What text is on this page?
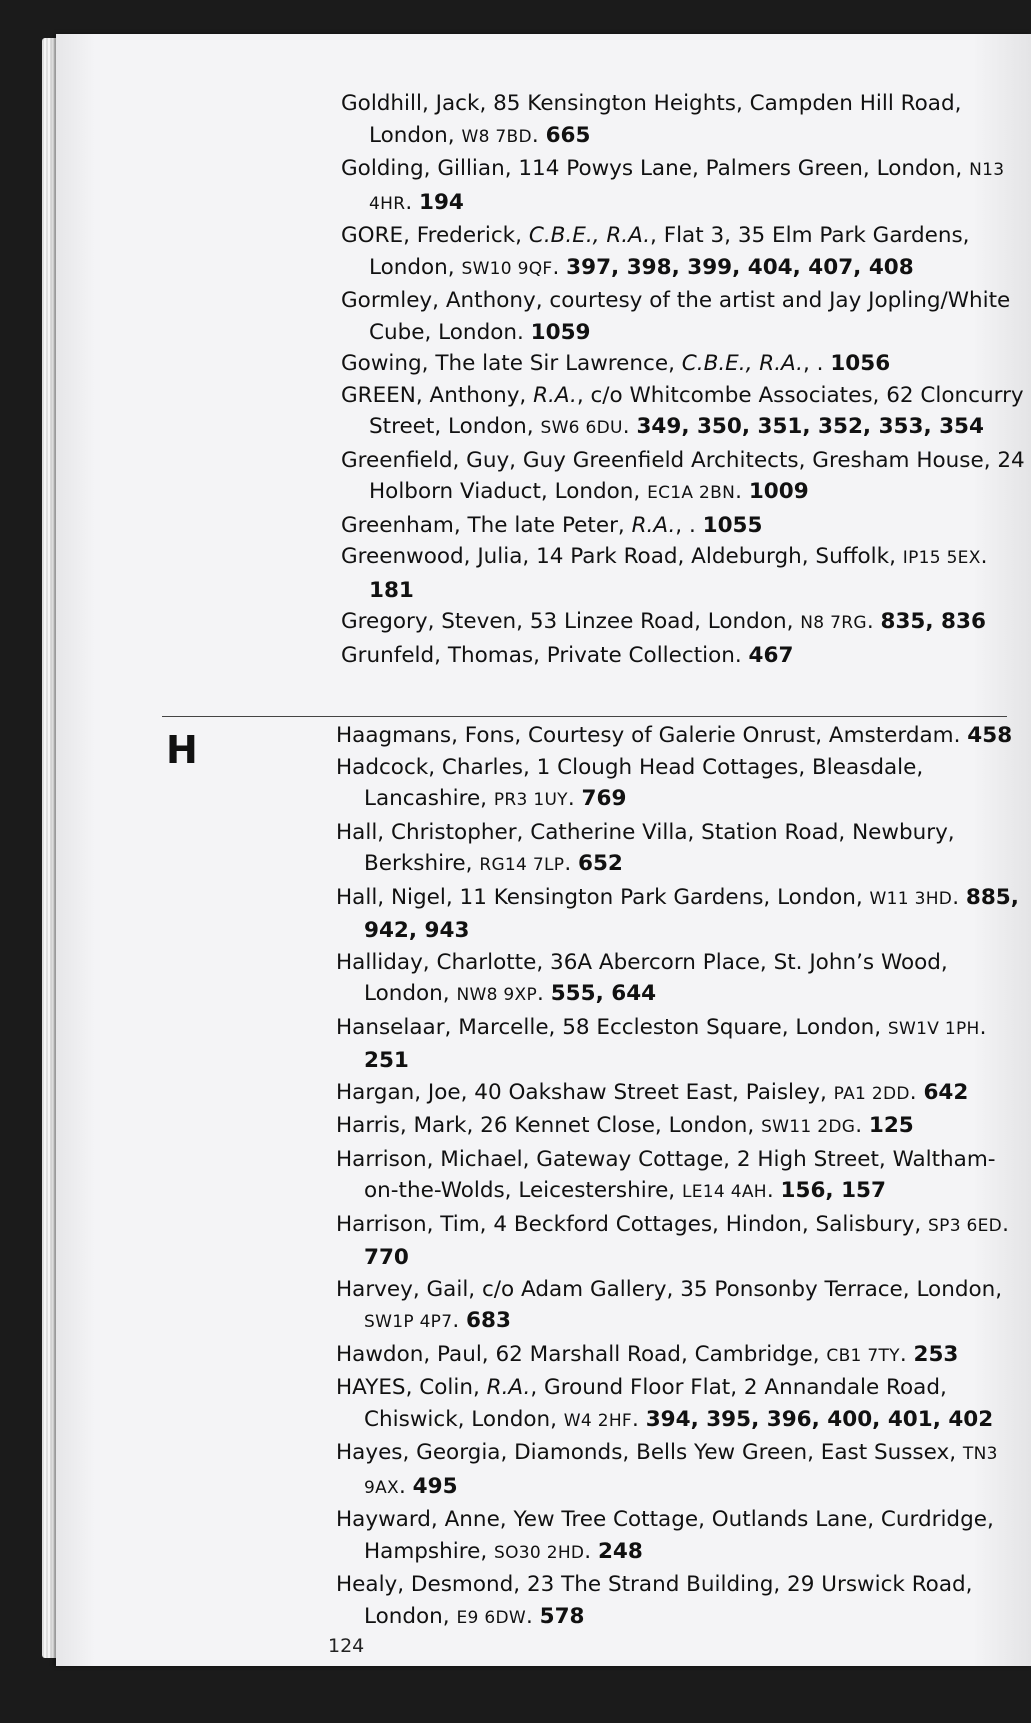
Goldhill, Jack, 85 Kensington Heights, Campden Hill Road, London, W8 7BD. 665
Golding, Gillian, 114 Powys Lane, Palmers Green, London, N13 4HR. 194
GORE, Frederick, C.B.E., R.A., Flat 3, 35 Elm Park Gardens, London, SW10 9QF. 397, 398, 399, 404, 407, 408
Gormley, Anthony, courtesy of the artist and Jay Jopling/White Cube, London. 1059
Gowing, The late Sir Lawrence, C.B.E., R.A., . 1056
GREEN, Anthony, R.A., c/o Whitcombe Associates, 62 Cloncurry Street, London, SW6 6DU. 349, 350, 351, 352, 353, 354
Greenfield, Guy, Guy Greenfield Architects, Gresham House, 24 Holborn Viaduct, London, EC1A 2BN. 1009
Greenham, The late Peter, R.A., . 1055
Greenwood, Julia, 14 Park Road, Aldeburgh, Suffolk, IP15 5EX. 181
Gregory, Steven, 53 Linzee Road, London, N8 7RG. 835, 836
Grunfeld, Thomas, Private Collection. 467
H	Haagmans, Fons, Courtesy of Galerie Onrust, Amsterdam. 458
Hadcock, Charles, 1 Clough Head Cottages, Bleasdale, Lancashire, PR3 1UY. 769
Hall, Christopher, Catherine Villa, Station Road, Newbury, Berkshire, RG14 7LP. 652
Hall, Nigel, 11 Kensington Park Gardens, London, W11 3HD. 885, 942, 943
Halliday, Charlotte, 36A Abercorn Place, St. John’s Wood, London, NW8 9XP. 555, 644
Hanselaar, Marcelle, 58 Eccleston Square, London, SW1V 1PH. 251
Hargan, Joe, 40 Oakshaw Street East, Paisley, PA1 2DD. 642
Harris, Mark, 26 Kennet Close, London, SW11 2DG. 125
Harrison, Michael, Gateway Cottage, 2 High Street, Waltham-on-the-Wolds, Leicestershire, LE14 4AH. 156, 157
Harrison, Tim, 4 Beckford Cottages, Hindon, Salisbury, SP3 6ED. 770
Harvey, Gail, c/o Adam Gallery, 35 Ponsonby Terrace, London, SW1P 4P7. 683
Hawdon, Paul, 62 Marshall Road, Cambridge, CB1 7TY. 253
HAYES, Colin, R.A., Ground Floor Flat, 2 Annandale Road, Chiswick, London, W4 2HF. 394, 395, 396, 400, 401, 402
Hayes, Georgia, Diamonds, Bells Yew Green, East Sussex, TN3 9AX. 495
Hayward, Anne, Yew Tree Cottage, Outlands Lane, Curdridge, Hampshire, SO30 2HD. 248
Healy, Desmond, 23 The Strand Building, 29 Urswick Road, London, E9 6DW. 578
124
